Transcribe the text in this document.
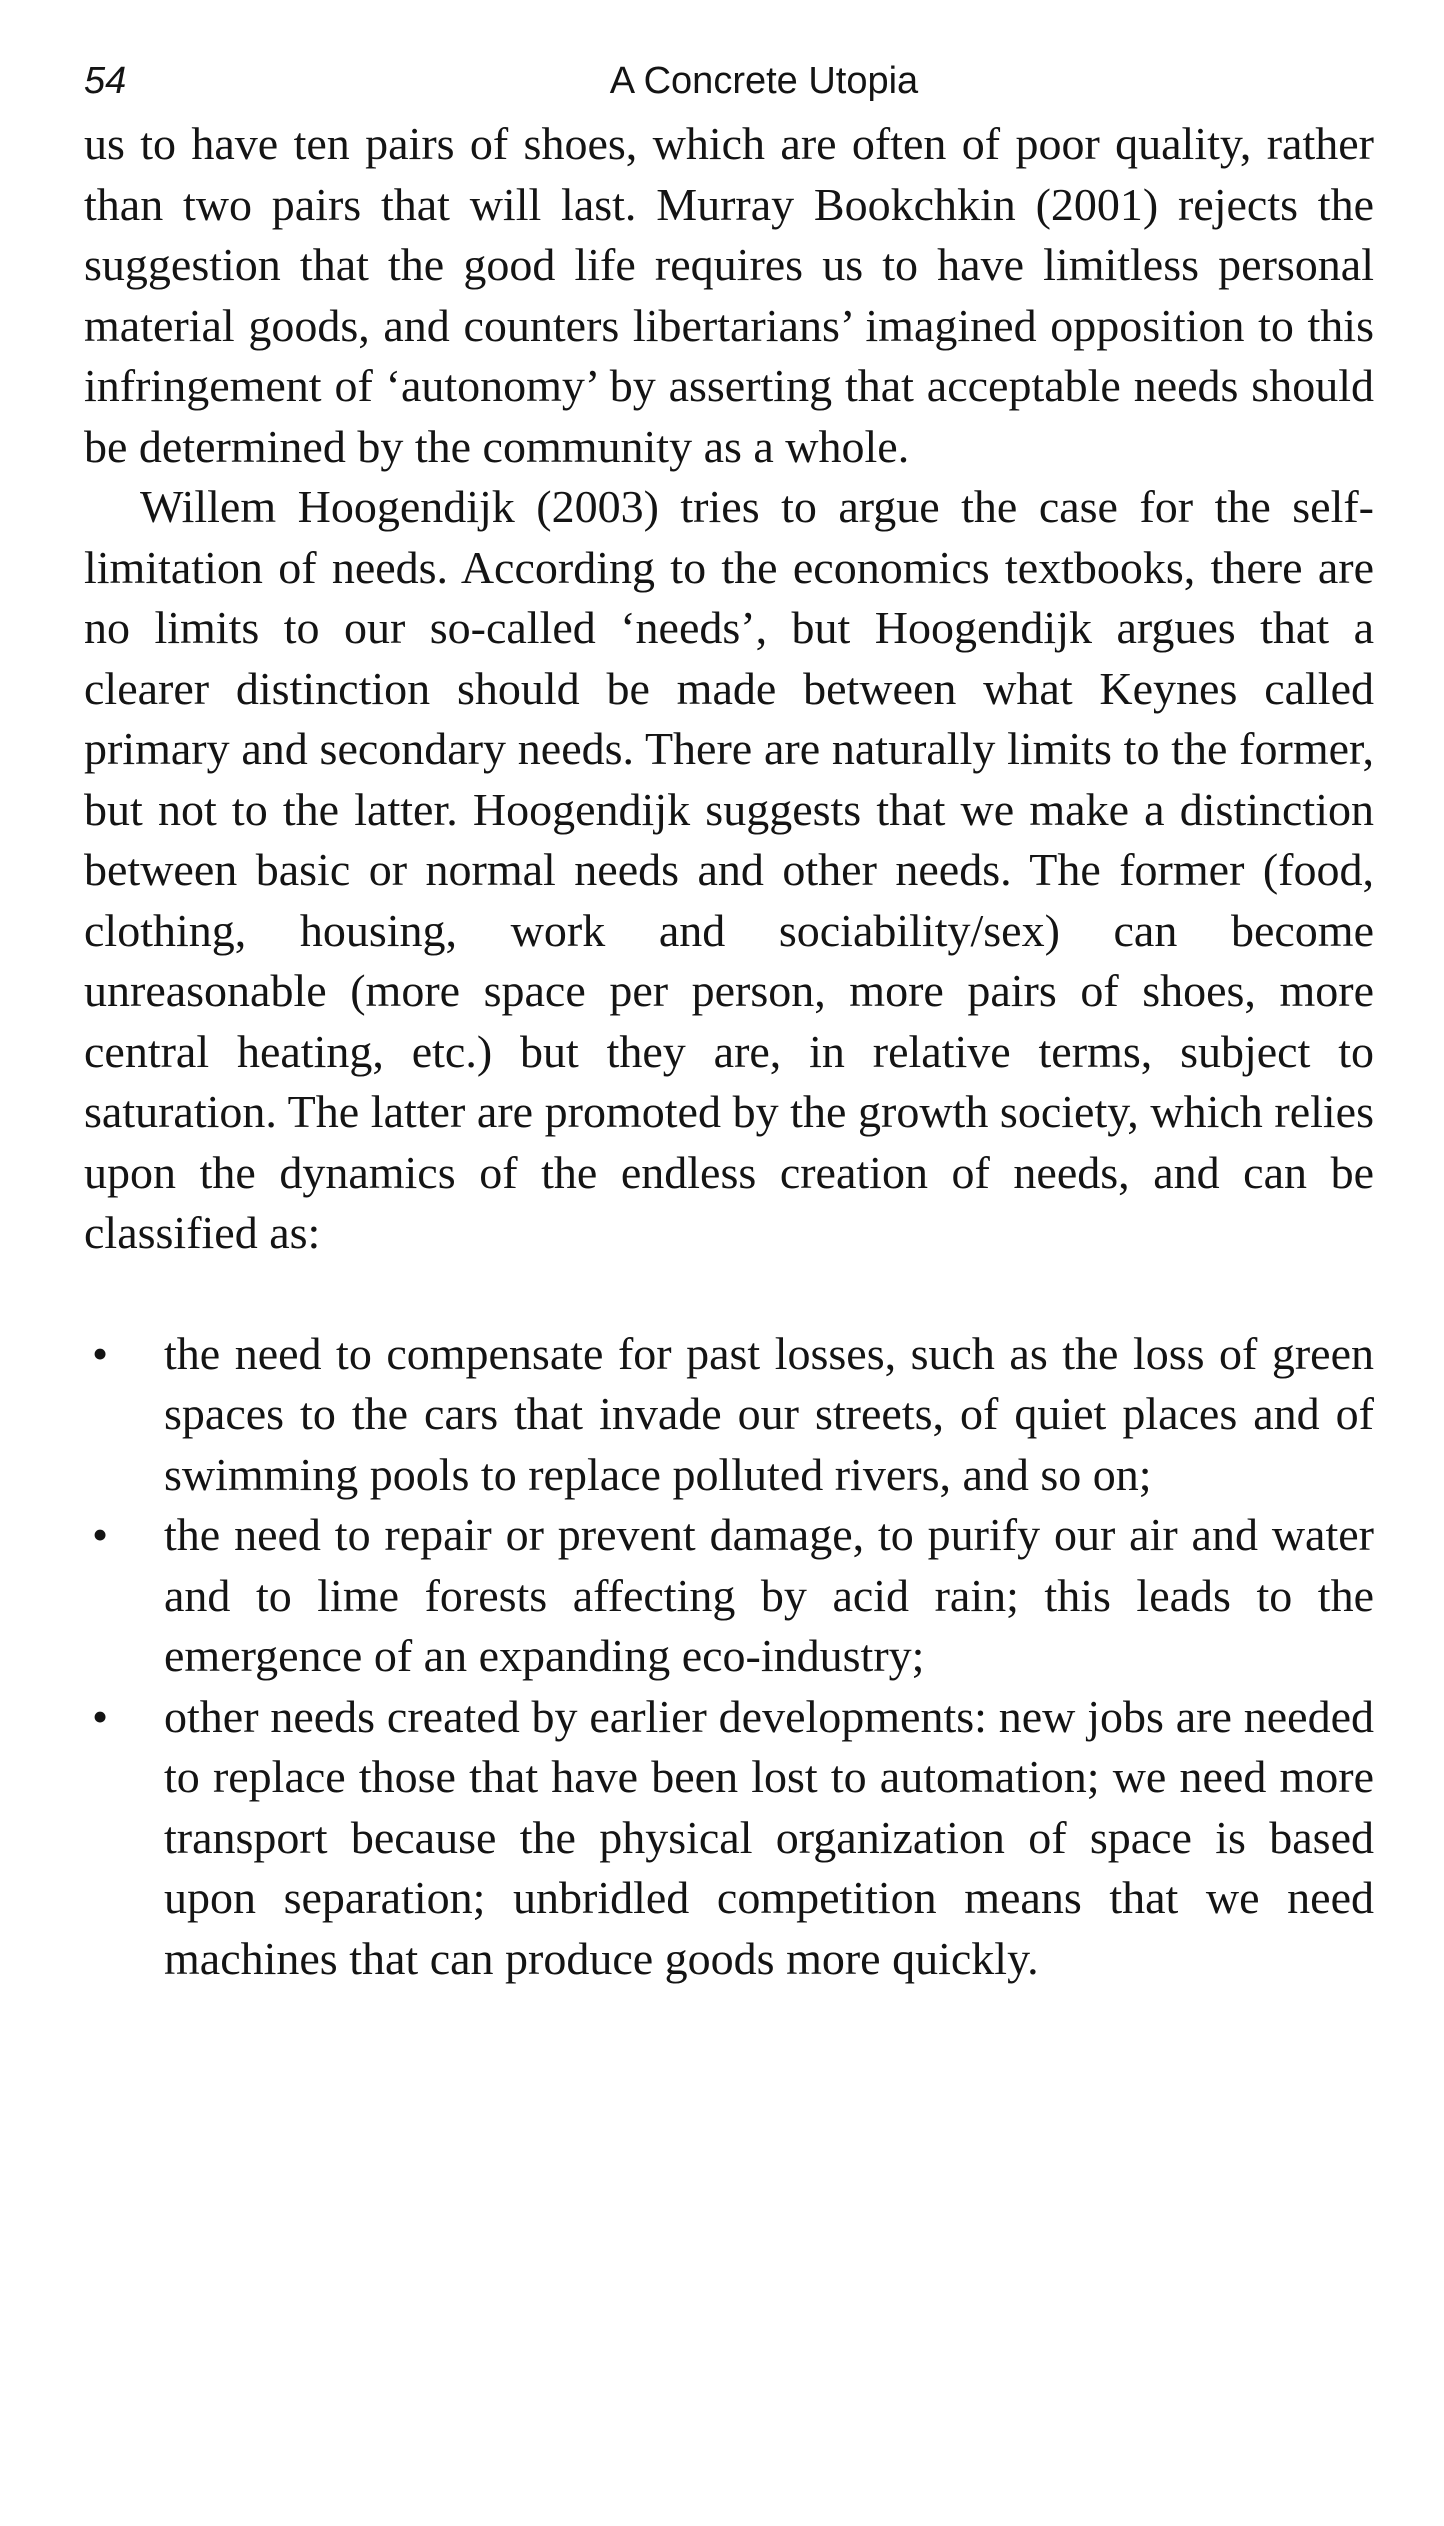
54	A Concrete Utopia

us to have ten pairs of shoes, which are often of poor quality, rather than two pairs that will last. Murray Bookchkin (2001) rejects the suggestion that the good life requires us to have limitless personal material goods, and counters libertarians’ imagined opposition to this infringement of ‘autonomy’ by asserting that acceptable needs should be determined by the community as a whole.

Willem Hoogendijk (2003) tries to argue the case for the self-limitation of needs. According to the economics textbooks, there are no limits to our so-called ‘needs’, but Hoogendijk argues that a clearer distinction should be made between what Keynes called primary and secondary needs. There are naturally limits to the former, but not to the latter. Hoogendijk suggests that we make a distinction between basic or normal needs and other needs. The former (food, clothing, housing, work and sociability/sex) can become unreasonable (more space per person, more pairs of shoes, more central heating, etc.) but they are, in relative terms, subject to saturation. The latter are promoted by the growth society, which relies upon the dynamics of the endless creation of needs, and can be classified as:

• the need to compensate for past losses, such as the loss of green spaces to the cars that invade our streets, of quiet places and of swimming pools to replace polluted rivers, and so on;
• the need to repair or prevent damage, to purify our air and water and to lime forests affecting by acid rain; this leads to the emergence of an expanding eco-industry;
• other needs created by earlier developments: new jobs are needed to replace those that have been lost to automation; we need more transport because the physical organization of space is based upon separation; unbridled competition means that we need machines that can produce goods more quickly.
